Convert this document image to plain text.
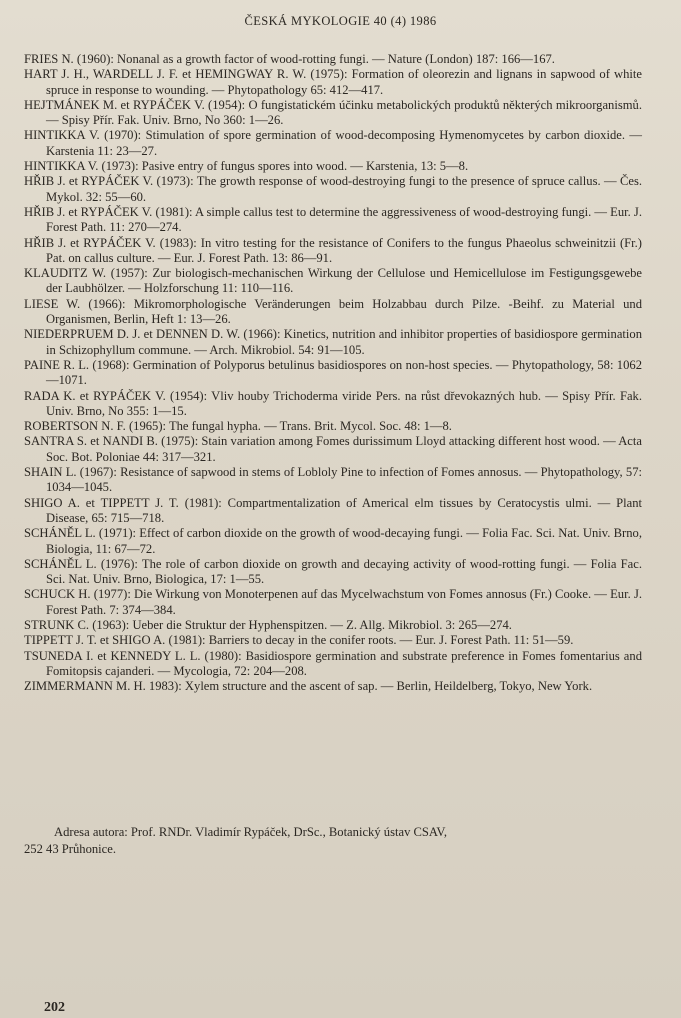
ČESKÁ MYKOLOGIE 40 (4) 1986
FRIES N. (1960): Nonanal as a growth factor of wood-rotting fungi. — Nature (London) 187: 166—167.
HART J. H., WARDELL J. F. et HEMINGWAY R. W. (1975): Formation of oleorezin and lignans in sapwood of white spruce in response to wounding. — Phytopathology 65: 412—417.
HEJTMÁNEK M. et RYPÁČEK V. (1954): O fungistatickém účinku metabolických produktů některých mikroorganismů. — Spisy Přír. Fak. Univ. Brno, No 360: 1—26.
HINTIKKA V. (1970): Stimulation of spore germination of wood-decomposing Hymenomycetes by carbon dioxide. — Karstenia 11: 23—27.
HINTIKKA V. (1973): Pasive entry of fungus spores into wood. — Karstenia, 13: 5—8.
HŘIB J. et RYPÁČEK V. (1973): The growth response of wood-destroying fungi to the presence of spruce callus. — Čes. Mykol. 32: 55—60.
HŘIB J. et RYPÁČEK V. (1981): A simple callus test to determine the aggressiveness of wood-destroying fungi. — Eur. J. Forest Path. 11: 270—274.
HŘIB J. et RYPÁČEK V. (1983): In vitro testing for the resistance of Conifers to the fungus Phaeolus schweinitzii (Fr.) Pat. on callus culture. — Eur. J. Forest Path. 13: 86—91.
KLAUDITZ W. (1957): Zur biologisch-mechanischen Wirkung der Cellulose und Hemicellulose im Festigungsgewebe der Laubhölzer. — Holzforschung 11: 110—116.
LIESE W. (1966): Mikromorphologische Veränderungen beim Holzabbau durch Pilze. -Beihf. zu Material und Organismen, Berlin, Heft 1: 13—26.
NIEDERPRUEM D. J. et DENNEN D. W. (1966): Kinetics, nutrition and inhibitor properties of basidiospore germination in Schizophyllum commune. — Arch. Mikrobiol. 54: 91—105.
PAINE R. L. (1968): Germination of Polyporus betulinus basidiospores on non-host species. — Phytopathology, 58: 1062—1071.
RADA K. et RYPÁČEK V. (1954): Vliv houby Trichoderma viride Pers. na růst dřevokazných hub. — Spisy Přír. Fak. Univ. Brno, No 355: 1—15.
ROBERTSON N. F. (1965): The fungal hypha. — Trans. Brit. Mycol. Soc. 48: 1—8.
SANTRA S. et NANDI B. (1975): Stain variation among Fomes durissimum Lloyd attacking different host wood. — Acta Soc. Bot. Poloniae 44: 317—321.
SHAIN L. (1967): Resistance of sapwood in stems of Lobloly Pine to infection of Fomes annosus. — Phytopathology, 57: 1034—1045.
SHIGO A. et TIPPETT J. T. (1981): Compartmentalization of Americal elm tissues by Ceratocystis ulmi. — Plant Disease, 65: 715—718.
SCHÁNĚL L. (1971): Effect of carbon dioxide on the growth of wood-decaying fungi. — Folia Fac. Sci. Nat. Univ. Brno, Biologia, 11: 67—72.
SCHÁNĚL L. (1976): The role of carbon dioxide on growth and decaying activity of wood-rotting fungi. — Folia Fac. Sci. Nat. Univ. Brno, Biologica, 17: 1—55.
SCHUCK H. (1977): Die Wirkung von Monoterpenen auf das Mycelwachstum von Fomes annosus (Fr.) Cooke. — Eur. J. Forest Path. 7: 374—384.
STRUNK C. (1963): Ueber die Struktur der Hyphenspitzen. — Z. Allg. Mikrobiol. 3: 265—274.
TIPPETT J. T. et SHIGO A. (1981): Barriers to decay in the conifer roots. — Eur. J. Forest Path. 11: 51—59.
TSUNEDA I. et KENNEDY L. L. (1980): Basidiospore germination and substrate preference in Fomes fomentarius and Fomitopsis cajanderi. — Mycologia, 72: 204—208.
ZIMMERMANN M. H. 1983): Xylem structure and the ascent of sap. — Berlin, Heildelberg, Tokyo, New York.
Adresa autora: Prof. RNDr. Vladimír Rypáček, DrSc., Botanický ústav CSAV,
252 43 Průhonice.
202
